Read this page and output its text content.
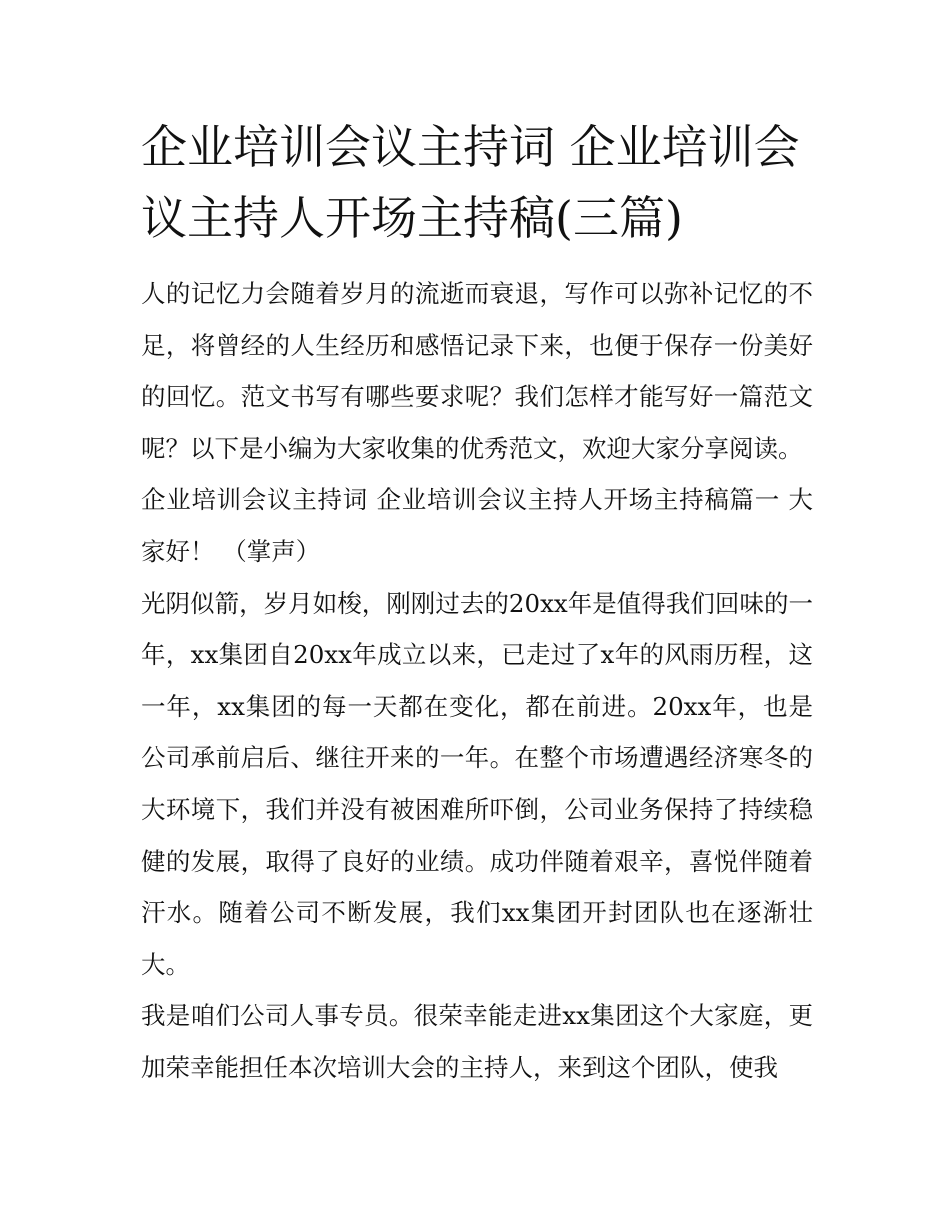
企业培训会议主持词 企业培训会议主持人开场主持稿(三篇)

人的记忆力会随着岁月的流逝而衰退，写作可以弥补记忆的不足，将曾经的人生经历和感悟记录下来，也便于保存一份美好的回忆。范文书写有哪些要求呢？我们怎样才能写好一篇范文呢？以下是小编为大家收集的优秀范文，欢迎大家分享阅读。

企业培训会议主持词 企业培训会议主持人开场主持稿篇一 大家好！ （掌声）

光阴似箭，岁月如梭，刚刚过去的20xx年是值得我们回味的一年，xx集团自20xx年成立以来，已走过了x年的风雨历程，这一年，xx集团的每一天都在变化，都在前进。20xx年，也是公司承前启后、继往开来的一年。在整个市场遭遇经济寒冬的大环境下，我们并没有被困难所吓倒，公司业务保持了持续稳健的发展，取得了良好的业绩。成功伴随着艰辛，喜悦伴随着汗水。随着公司不断发展，我们xx集团开封团队也在逐渐壮大。

我是咱们公司人事专员。很荣幸能走进xx集团这个大家庭，更加荣幸能担任本次培训大会的主持人，来到这个团队，使我
